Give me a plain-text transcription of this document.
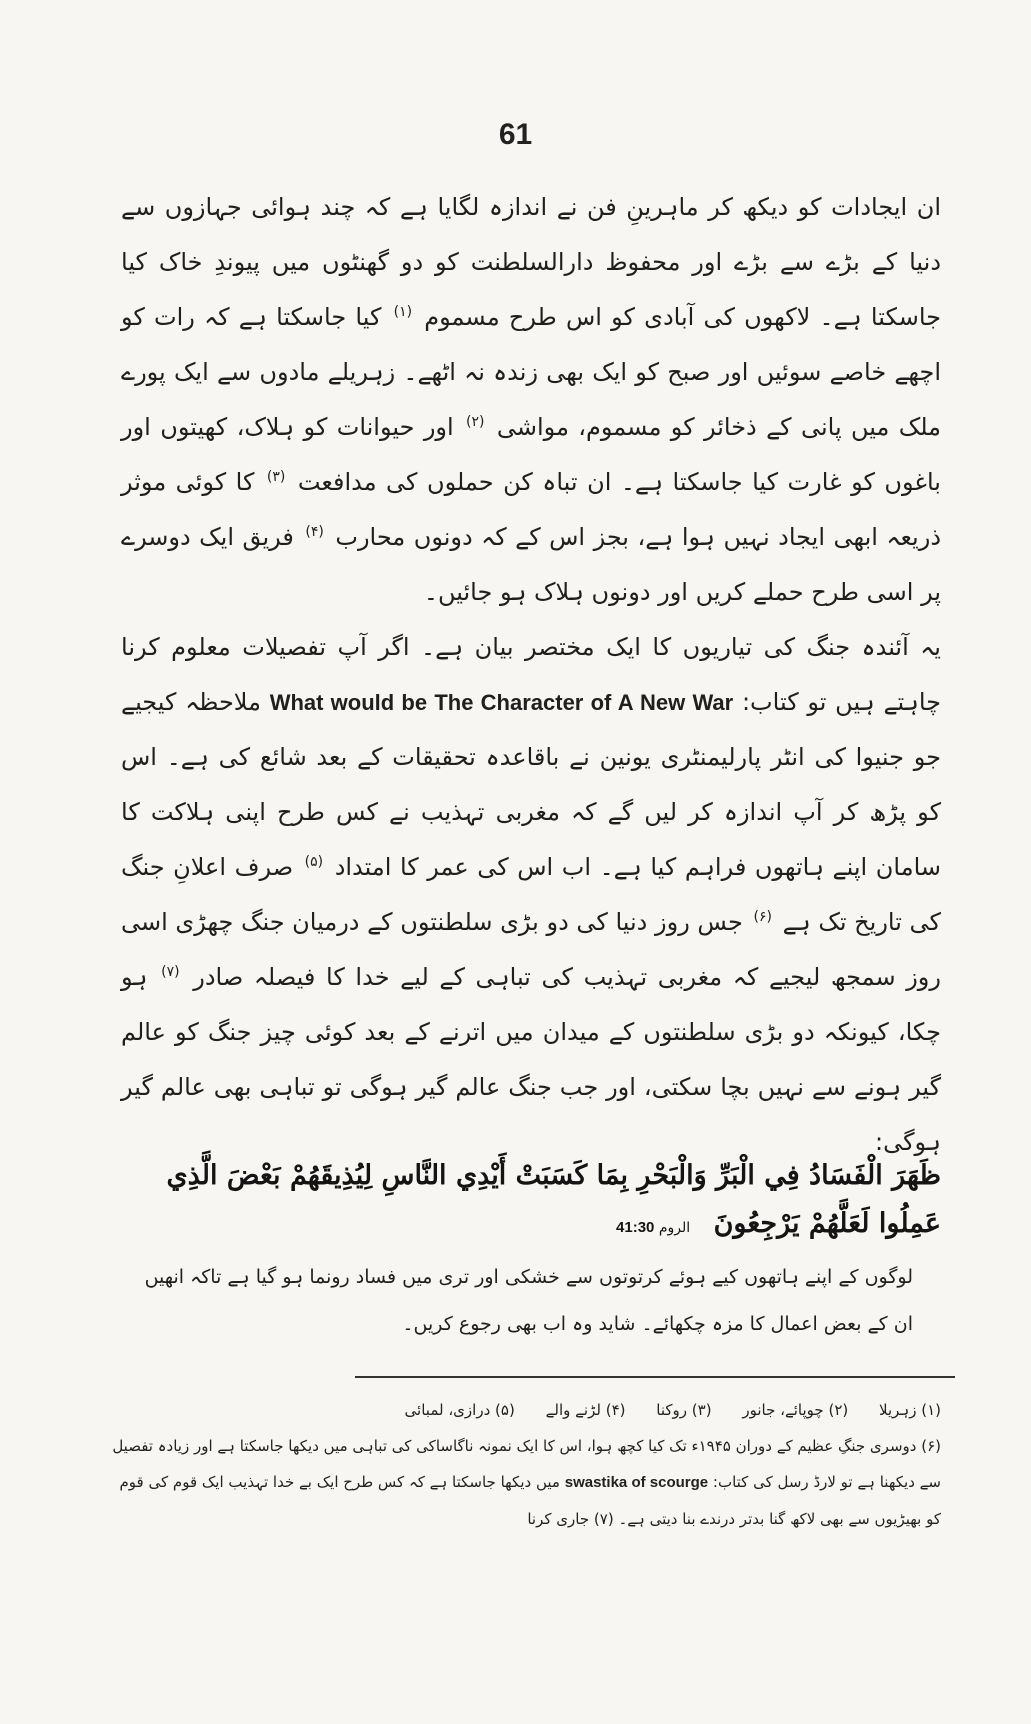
61

ان ایجادات کو دیکھ کر ماہرینِ فن نے اندازہ لگایا ہے کہ چند ہوائی جہازوں سے دنیا کے بڑے سے بڑے اور محفوظ دارالسلطنت کو دو گھنٹوں میں پیوندِ خاک کیا جاسکتا ہے۔ لاکھوں کی آبادی کو اس طرح مسموم $^{(۱)}$ کیا جاسکتا ہے کہ رات کو اچھے خاصے سوئیں اور صبح کو ایک بھی زندہ نہ اٹھے۔ زہریلے مادوں سے ایک پورے ملک میں پانی کے ذخائر کو مسموم، مواشی $^{(۲)}$ اور حیوانات کو ہلاک، کھیتوں اور باغوں کو غارت کیا جاسکتا ہے۔ ان تباہ کن حملوں کی مدافعت $^{(۳)}$ کا کوئی موثر ذریعہ ابھی ایجاد نہیں ہوا ہے، بجز اس کے کہ دونوں محارب $^{(۴)}$ فریق ایک دوسرے پر اسی طرح حملے کریں اور دونوں ہلاک ہو جائیں۔

یہ آئندہ جنگ کی تیاریوں کا ایک مختصر بیان ہے۔ اگر آپ تفصیلات معلوم کرنا چاہتے ہیں تو کتاب: What would be The Character of A New War ملاحظہ کیجیے جو جنیوا کی انٹر پارلیمنٹری یونین نے باقاعدہ تحقیقات کے بعد شائع کی ہے۔ اس کو پڑھ کر آپ اندازہ کر لیں گے کہ مغربی تہذیب نے کس طرح اپنی ہلاکت کا سامان اپنے ہاتھوں فراہم کیا ہے۔ اب اس کی عمر کا امتداد $^{(۵)}$ صرف اعلانِ جنگ کی تاریخ تک ہے $^{(۶)}$ جس روز دنیا کی دو بڑی سلطنتوں کے درمیان جنگ چھڑی اسی روز سمجھ لیجیے کہ مغربی تہذیب کی تباہی کے لیے خدا کا فیصلہ صادر $^{(۷)}$ ہو چکا، کیونکہ دو بڑی سلطنتوں کے میدان میں اترنے کے بعد کوئی چیز جنگ کو عالم گیر ہونے سے نہیں بچا سکتی، اور جب جنگ عالم گیر ہوگی تو تباہی بھی عالم گیر ہوگی:

ظَهَرَ الْفَسَادُ فِي الْبَرِّ وَالْبَحْرِ بِمَا كَسَبَتْ أَيْدِي النَّاسِ لِيُذِيقَهُمْ بَعْضَ الَّذِي
عَمِلُوا لَعَلَّهُمْ يَرْجِعُونَ الروم 41:30

لوگوں کے اپنے ہاتھوں کیے ہوئے کرتوتوں سے خشکی اور تری میں فساد رونما ہو گیا ہے تاکہ انھیں

ان کے بعض اعمال کا مزہ چکھائے۔ شاید وہ اب بھی رجوع کریں۔

(۱) زہریلا (۲) چوپائے، جانور (۳) روکنا (۴) لڑنے والے (۵) درازی، لمبائی

(۶) دوسری جنگِ عظیم کے دوران ۱۹۴۵ء تک کیا کچھ ہوا، اس کا ایک نمونہ ناگاساکی کی تباہی میں دیکھا جاسکتا ہے اور زیادہ تفصیل سے دیکھنا ہے تو لارڈ رسل کی کتاب: swastika of scourge میں دیکھا جاسکتا ہے کہ کس طرح ایک بے خدا تہذیب ایک قوم کی قوم کو بھیڑیوں سے بھی لاکھ گنا بدتر درندے بنا دیتی ہے۔ (۷) جاری کرنا
